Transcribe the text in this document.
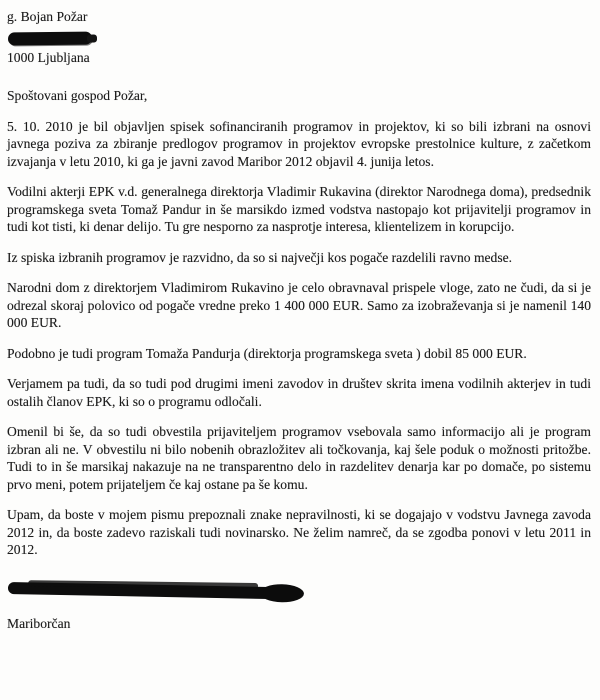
g. Bojan Požar
1000 Ljubljana
Spoštovani gospod Požar,

5. 10. 2010 je bil objavljen spisek sofinanciranih programov in projektov, ki so bili izbrani na osnovi javnega poziva za zbiranje predlogov programov in projektov evropske prestolnice kulture, z začetkom izvajanja v letu 2010, ki ga je javni zavod Maribor 2012 objavil 4. junija letos.

Vodilni akterji EPK v.d. generalnega direktorja Vladimir Rukavina (direktor Narodnega doma), predsednik programskega sveta Tomaž Pandur in še marsikdo izmed vodstva nastopajo kot prijavitelji programov in tudi kot tisti, ki denar delijo. Tu gre nesporno za nasprotje interesa, klientelizem in korupcijo.

Iz spiska izbranih programov je razvidno, da so si največji kos pogače razdelili ravno medse.

Narodni dom z direktorjem Vladimirom Rukavino je celo obravnaval prispele vloge, zato ne čudi, da si je odrezal skoraj polovico od pogače vredne preko 1 400 000 EUR. Samo za izobraževanja si je namenil 140 000 EUR.

Podobno je tudi program Tomaža Pandurja (direktorja programskega sveta ) dobil 85 000 EUR.

Verjamem pa tudi, da so tudi pod drugimi imeni zavodov in društev skrita imena vodilnih akterjev in tudi ostalih članov EPK, ki so o programu odločali.

Omenil bi še, da so tudi obvestila prijaviteljem programov vsebovala samo informacijo ali je program izbran ali ne. V obvestilu ni bilo nobenih obrazložitev ali točkovanja, kaj šele poduk o možnosti pritožbe. Tudi to in še marsikaj nakazuje na ne transparentno delo in razdelitev denarja kar po domače, po sistemu prvo meni, potem prijateljem če kaj ostane pa še komu.

Upam, da boste v mojem pismu prepoznali znake nepravilnosti, ki se dogajajo v vodstvu Javnega zavoda 2012 in, da boste zadevo raziskali tudi novinarsko. Ne želim namreč, da se zgodba ponovi v letu 2011 in 2012.

Mariborčan
